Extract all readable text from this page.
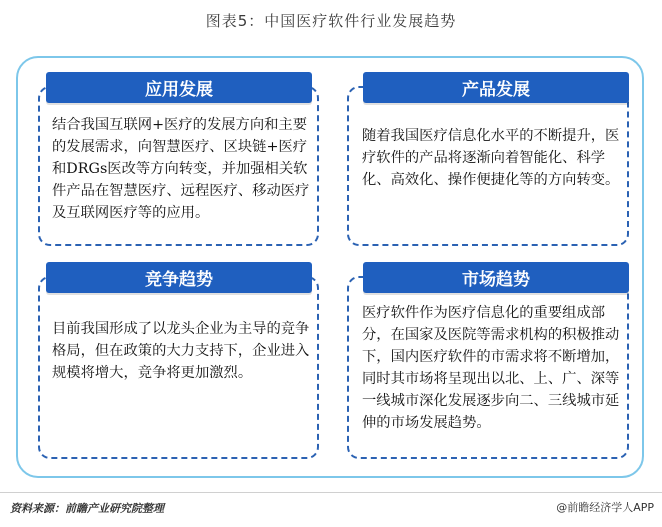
图表5：中国医疗软件行业发展趋势
应用发展
结合我国互联网+医疗的发展方向和主要的发展需求，向智慧医疗、区块链+医疗和DRGs医改等方向转变，并加强相关软件产品在智慧医疗、远程医疗、移动医疗及互联网医疗等的应用。
产品发展
随着我国医疗信息化水平的不断提升，医疗软件的产品将逐渐向着智能化、科学化、高效化、操作便捷化等的方向转变。
竞争趋势
目前我国形成了以龙头企业为主导的竞争格局，但在政策的大力支持下，企业进入规模将增大，竞争将更加激烈。
市场趋势
医疗软件作为医疗信息化的重要组成部分，在国家及医院等需求机构的积极推动下，国内医疗软件的市需求将不断增加，同时其市场将呈现出以北、上、广、深等一线城市深化发展逐步向二、三线城市延伸的市场发展趋势。
资料来源：前瞻产业研究院整理	@前瞻经济学人APP
